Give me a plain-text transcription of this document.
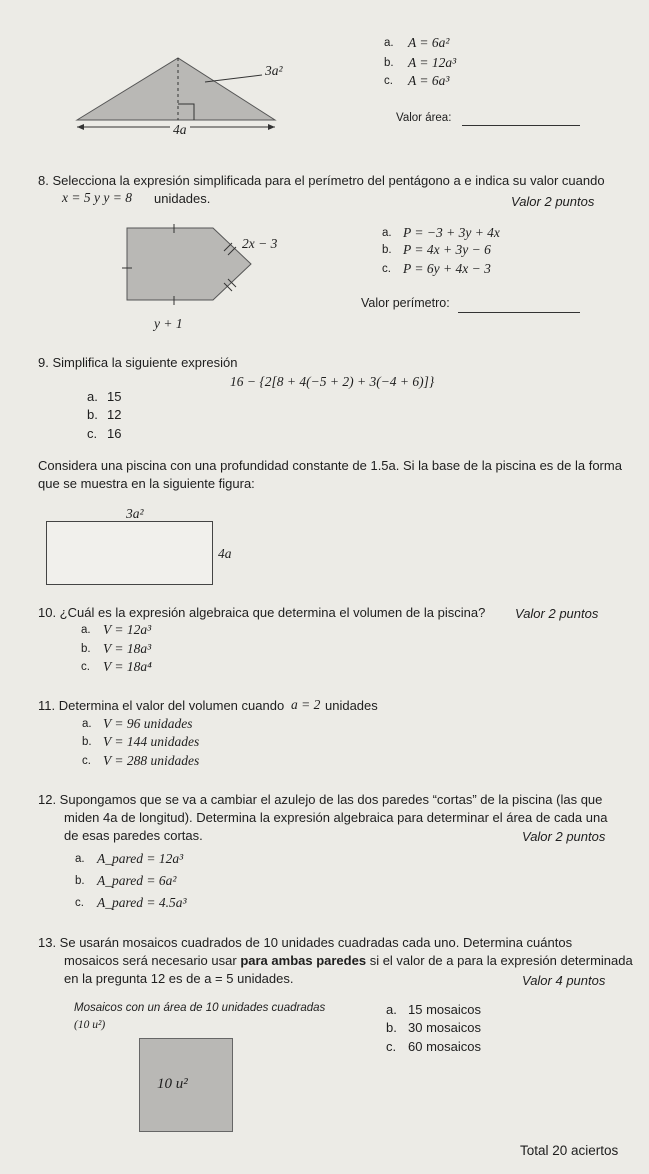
3a²
4a
a. A = 6a²
b. A = 12a³
c. A = 6a³
Valor área:
8. Selecciona la expresión simplificada para el perímetro del pentágono a e indica su valor cuando
x = 5 y y = 8 unidades.	Valor 2 puntos
2x − 3
y + 1
a. P = −3 + 3y + 4x
b. P = 4x + 3y − 6
c. P = 6y + 4x − 3
Valor perímetro:
9. Simplifica la siguiente expresión
16 − {2[8 + 4(−5 + 2) + 3(−4 + 6)]}
a. 15
b. 12
c. 16
Considera una piscina con una profundidad constante de 1.5a. Si la base de la piscina es de la forma
que se muestra en la siguiente figura:
3a²
4a
10. ¿Cuál es la expresión algebraica que determina el volumen de la piscina? Valor 2 puntos
a. V = 12a³
b. V = 18a³
c. V = 18a⁴
11. Determina el valor del volumen cuando a = 2 unidades
a. V = 96 unidades
b. V = 144 unidades
c. V = 288 unidades
12. Supongamos que se va a cambiar el azulejo de las dos paredes “cortas” de la piscina (las que
miden 4a de longitud). Determina la expresión algebraica para determinar el área de cada una
de esas paredes cortas.	Valor 2 puntos
a. A_pared = 12a³
b. A_pared = 6a²
c. A_pared = 4.5a³
13. Se usarán mosaicos cuadrados de 10 unidades cuadradas cada uno. Determina cuántos
mosaicos será necesario usar para ambas paredes si el valor de a para la expresión determinada
en la pregunta 12 es de a = 5 unidades.	Valor 4 puntos
Mosaicos con un área de 10 unidades cuadradas
(10 u²)
10 u²
a. 15 mosaicos
b. 30 mosaicos
c. 60 mosaicos
Total 20 aciertos
